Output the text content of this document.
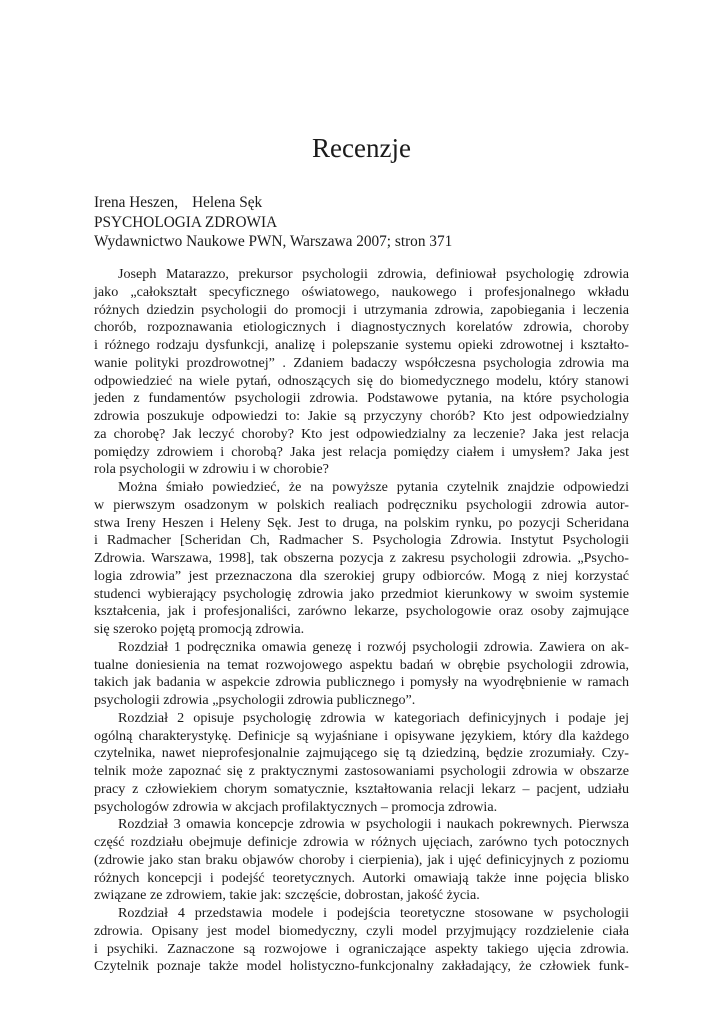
Recenzje
Irena Heszen, Helena Sęk
PSYCHOLOGIA ZDROWIA
Wydawnictwo Naukowe PWN, Warszawa 2007; stron 371
Joseph Matarazzo, prekursor psychologii zdrowia, definiował psychologię zdrowia
jako „całokształt specyficznego oświatowego, naukowego i profesjonalnego wkładu
różnych dziedzin psychologii do promocji i utrzymania zdrowia, zapobiegania i leczenia
chorób, rozpoznawania etiologicznych i diagnostycznych korelatów zdrowia, choroby
i różnego rodzaju dysfunkcji, analizę i polepszanie systemu opieki zdrowotnej i kształto-
wanie polityki prozdrowotnej” . Zdaniem badaczy współczesna psychologia zdrowia ma
odpowiedzieć na wiele pytań, odnoszących się do biomedycznego modelu, który stanowi
jeden z fundamentów psychologii zdrowia. Podstawowe pytania, na które psychologia
zdrowia poszukuje odpowiedzi to: Jakie są przyczyny chorób? Kto jest odpowiedzialny
za chorobę? Jak leczyć choroby? Kto jest odpowiedzialny za leczenie? Jaka jest relacja
pomiędzy zdrowiem i chorobą? Jaka jest relacja pomiędzy ciałem i umysłem? Jaka jest
rola psychologii w zdrowiu i w chorobie?
Można śmiało powiedzieć, że na powyższe pytania czytelnik znajdzie odpowiedzi
w pierwszym osadzonym w polskich realiach podręczniku psychologii zdrowia autor-
stwa Ireny Heszen i Heleny Sęk. Jest to druga, na polskim rynku, po pozycji Scheridana
i Radmacher [Scheridan Ch, Radmacher S. Psychologia Zdrowia. Instytut Psychologii
Zdrowia. Warszawa, 1998], tak obszerna pozycja z zakresu psychologii zdrowia. „Psycho-
logia zdrowia” jest przeznaczona dla szerokiej grupy odbiorców. Mogą z niej korzystać
studenci wybierający psychologię zdrowia jako przedmiot kierunkowy w swoim systemie
kształcenia, jak i profesjonaliści, zarówno lekarze, psychologowie oraz osoby zajmujące
się szeroko pojętą promocją zdrowia.
Rozdział 1 podręcznika omawia genezę i rozwój psychologii zdrowia. Zawiera on ak-
tualne doniesienia na temat rozwojowego aspektu badań w obrębie psychologii zdrowia,
takich jak badania w aspekcie zdrowia publicznego i pomysły na wyodrębnienie w ramach
psychologii zdrowia „psychologii zdrowia publicznego”.
Rozdział 2 opisuje psychologię zdrowia w kategoriach definicyjnych i podaje jej
ogólną charakterystykę. Definicje są wyjaśniane i opisywane językiem, który dla każdego
czytelnika, nawet nieprofesjonalnie zajmującego się tą dziedziną, będzie zrozumiały. Czy-
telnik może zapoznać się z praktycznymi zastosowaniami psychologii zdrowia w obszarze
pracy z człowiekiem chorym somatycznie, kształtowania relacji lekarz – pacjent, udziału
psychologów zdrowia w akcjach profilaktycznych – promocja zdrowia.
Rozdział 3 omawia koncepcje zdrowia w psychologii i naukach pokrewnych. Pierwsza
część rozdziału obejmuje definicje zdrowia w różnych ujęciach, zarówno tych potocznych
(zdrowie jako stan braku objawów choroby i cierpienia), jak i ujęć definicyjnych z poziomu
różnych koncepcji i podejść teoretycznych. Autorki omawiają także inne pojęcia blisko
związane ze zdrowiem, takie jak: szczęście, dobrostan, jakość życia.
Rozdział 4 przedstawia modele i podejścia teoretyczne stosowane w psychologii
zdrowia. Opisany jest model biomedyczny, czyli model przyjmujący rozdzielenie ciała
i psychiki. Zaznaczone są rozwojowe i ograniczające aspekty takiego ujęcia zdrowia.
Czytelnik poznaje także model holistyczno-funkcjonalny zakładający, że człowiek funk-
